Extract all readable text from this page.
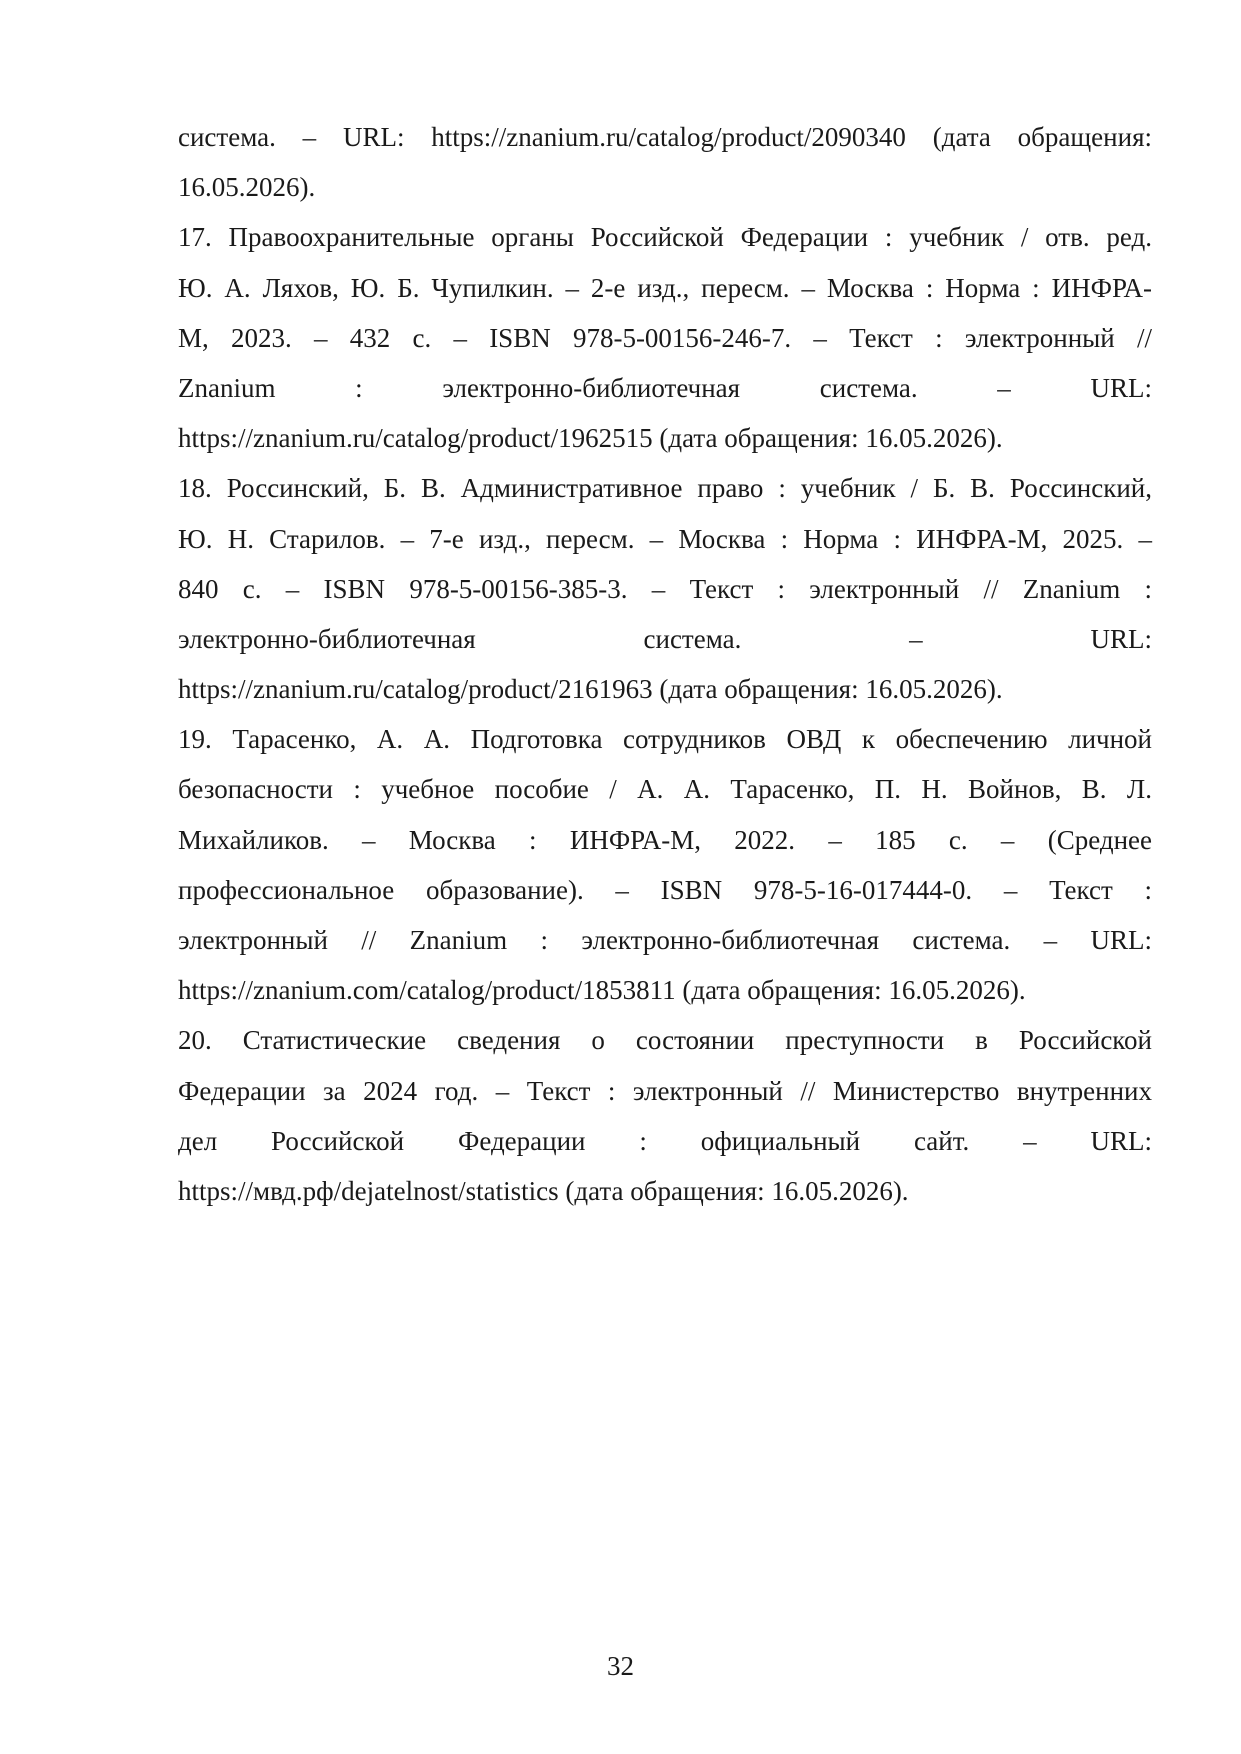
система. – URL: https://znanium.ru/catalog/product/2090340 (дата обращения:
16.05.2026).
17. Правоохранительные органы Российской Федерации : учебник / отв. ред.
Ю. А. Ляхов, Ю. Б. Чупилкин. – 2-е изд., пересм. – Москва : Норма : ИНФРА-
М, 2023. – 432 с. – ISBN 978-5-00156-246-7. – Текст : электронный //
Znanium : электронно-библиотечная система. – URL:
https://znanium.ru/catalog/product/1962515 (дата обращения: 16.05.2026).
18. Россинский, Б. В. Административное право : учебник / Б. В. Россинский,
Ю. Н. Старилов. – 7-е изд., пересм. – Москва : Норма : ИНФРА-М, 2025. –
840 с. – ISBN 978-5-00156-385-3. – Текст : электронный // Znanium :
электронно-библиотечная система. – URL:
https://znanium.ru/catalog/product/2161963 (дата обращения: 16.05.2026).
19. Тарасенко, А. А. Подготовка сотрудников ОВД к обеспечению личной
безопасности : учебное пособие / А. А. Тарасенко, П. Н. Войнов, В. Л.
Михайликов. – Москва : ИНФРА-М, 2022. – 185 с. – (Среднее
профессиональное образование). – ISBN 978-5-16-017444-0. – Текст :
электронный // Znanium : электронно-библиотечная система. – URL:
https://znanium.com/catalog/product/1853811 (дата обращения: 16.05.2026).
20. Статистические сведения о состоянии преступности в Российской
Федерации за 2024 год. – Текст : электронный // Министерство внутренних
дел Российской Федерации : официальный сайт. – URL:
https://мвд.рф/dejatelnost/statistics (дата обращения: 16.05.2026).
32
